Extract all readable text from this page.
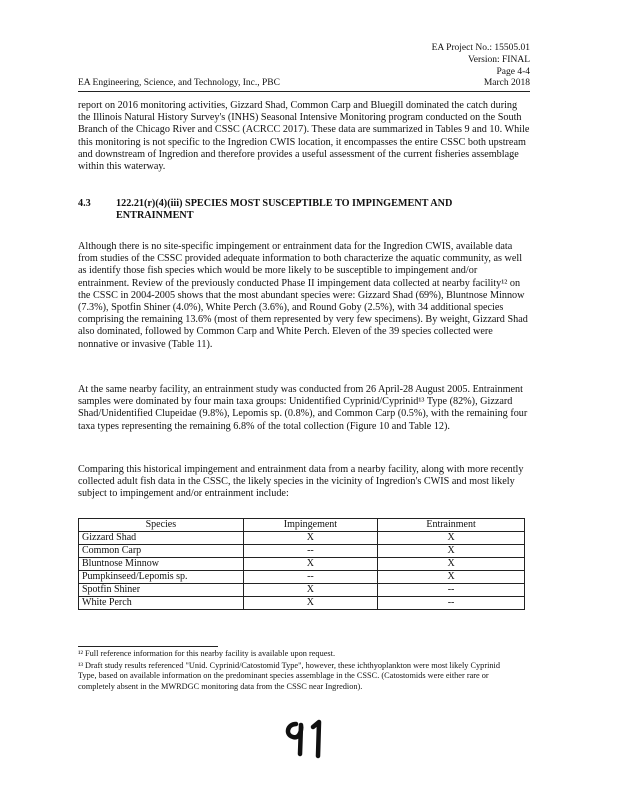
EA Project No.: 15505.01
Version: FINAL
Page 4-4
EA Engineering, Science, and Technology, Inc., PBC	March 2018
report on 2016 monitoring activities, Gizzard Shad, Common Carp and Bluegill dominated the catch during the Illinois Natural History Survey's (INHS) Seasonal Intensive Monitoring program conducted on the South Branch of the Chicago River and CSSC (ACRCC 2017). These data are summarized in Tables 9 and 10. While this monitoring is not specific to the Ingredion CWIS location, it encompasses the entire CSSC both upstream and downstream of Ingredion and therefore provides a useful assessment of the current fisheries assemblage within this waterway.
4.3 122.21(r)(4)(iii) SPECIES MOST SUSCEPTIBLE TO IMPINGEMENT AND ENTRAINMENT
Although there is no site-specific impingement or entrainment data for the Ingredion CWIS, available data from studies of the CSSC provided adequate information to both characterize the aquatic community, as well as identify those fish species which would be more likely to be susceptible to impingement and/or entrainment. Review of the previously conducted Phase II impingement data collected at nearby facility¹² on the CSSC in 2004-2005 shows that the most abundant species were: Gizzard Shad (69%), Bluntnose Minnow (7.3%), Spotfin Shiner (4.0%), White Perch (3.6%), and Round Goby (2.5%), with 34 additional species comprising the remaining 13.6% (most of them represented by very few specimens). By weight, Gizzard Shad also dominated, followed by Common Carp and White Perch. Eleven of the 39 species collected were nonnative or invasive (Table 11).
At the same nearby facility, an entrainment study was conducted from 26 April-28 August 2005. Entrainment samples were dominated by four main taxa groups: Unidentified Cyprinid/Cyprinid¹³ Type (82%), Gizzard Shad/Unidentified Clupeidae (9.8%), Lepomis sp. (0.8%), and Common Carp (0.5%), with the remaining four taxa types representing the remaining 6.8% of the total collection (Figure 10 and Table 12).
Comparing this historical impingement and entrainment data from a nearby facility, along with more recently collected adult fish data in the CSSC, the likely species in the vicinity of Ingredion's CWIS and most likely subject to impingement and/or entrainment include:
Species	Impingement	Entrainment
Gizzard Shad	X	X
Common Carp	--	X
Bluntnose Minnow	X	X
Pumpkinseed/Lepomis sp.	--	X
Spotfin Shiner	X	--
White Perch	X	--
¹² Full reference information for this nearby facility is available upon request.
¹³ Draft study results referenced "Unid. Cyprinid/Catostomid Type", however, these ichthyoplankton were most likely Cyprinid Type, based on available information on the predominant species assemblage in the CSSC. (Catostomids were either rare or completely absent in the MWRDGC monitoring data from the CSSC near Ingredion).
